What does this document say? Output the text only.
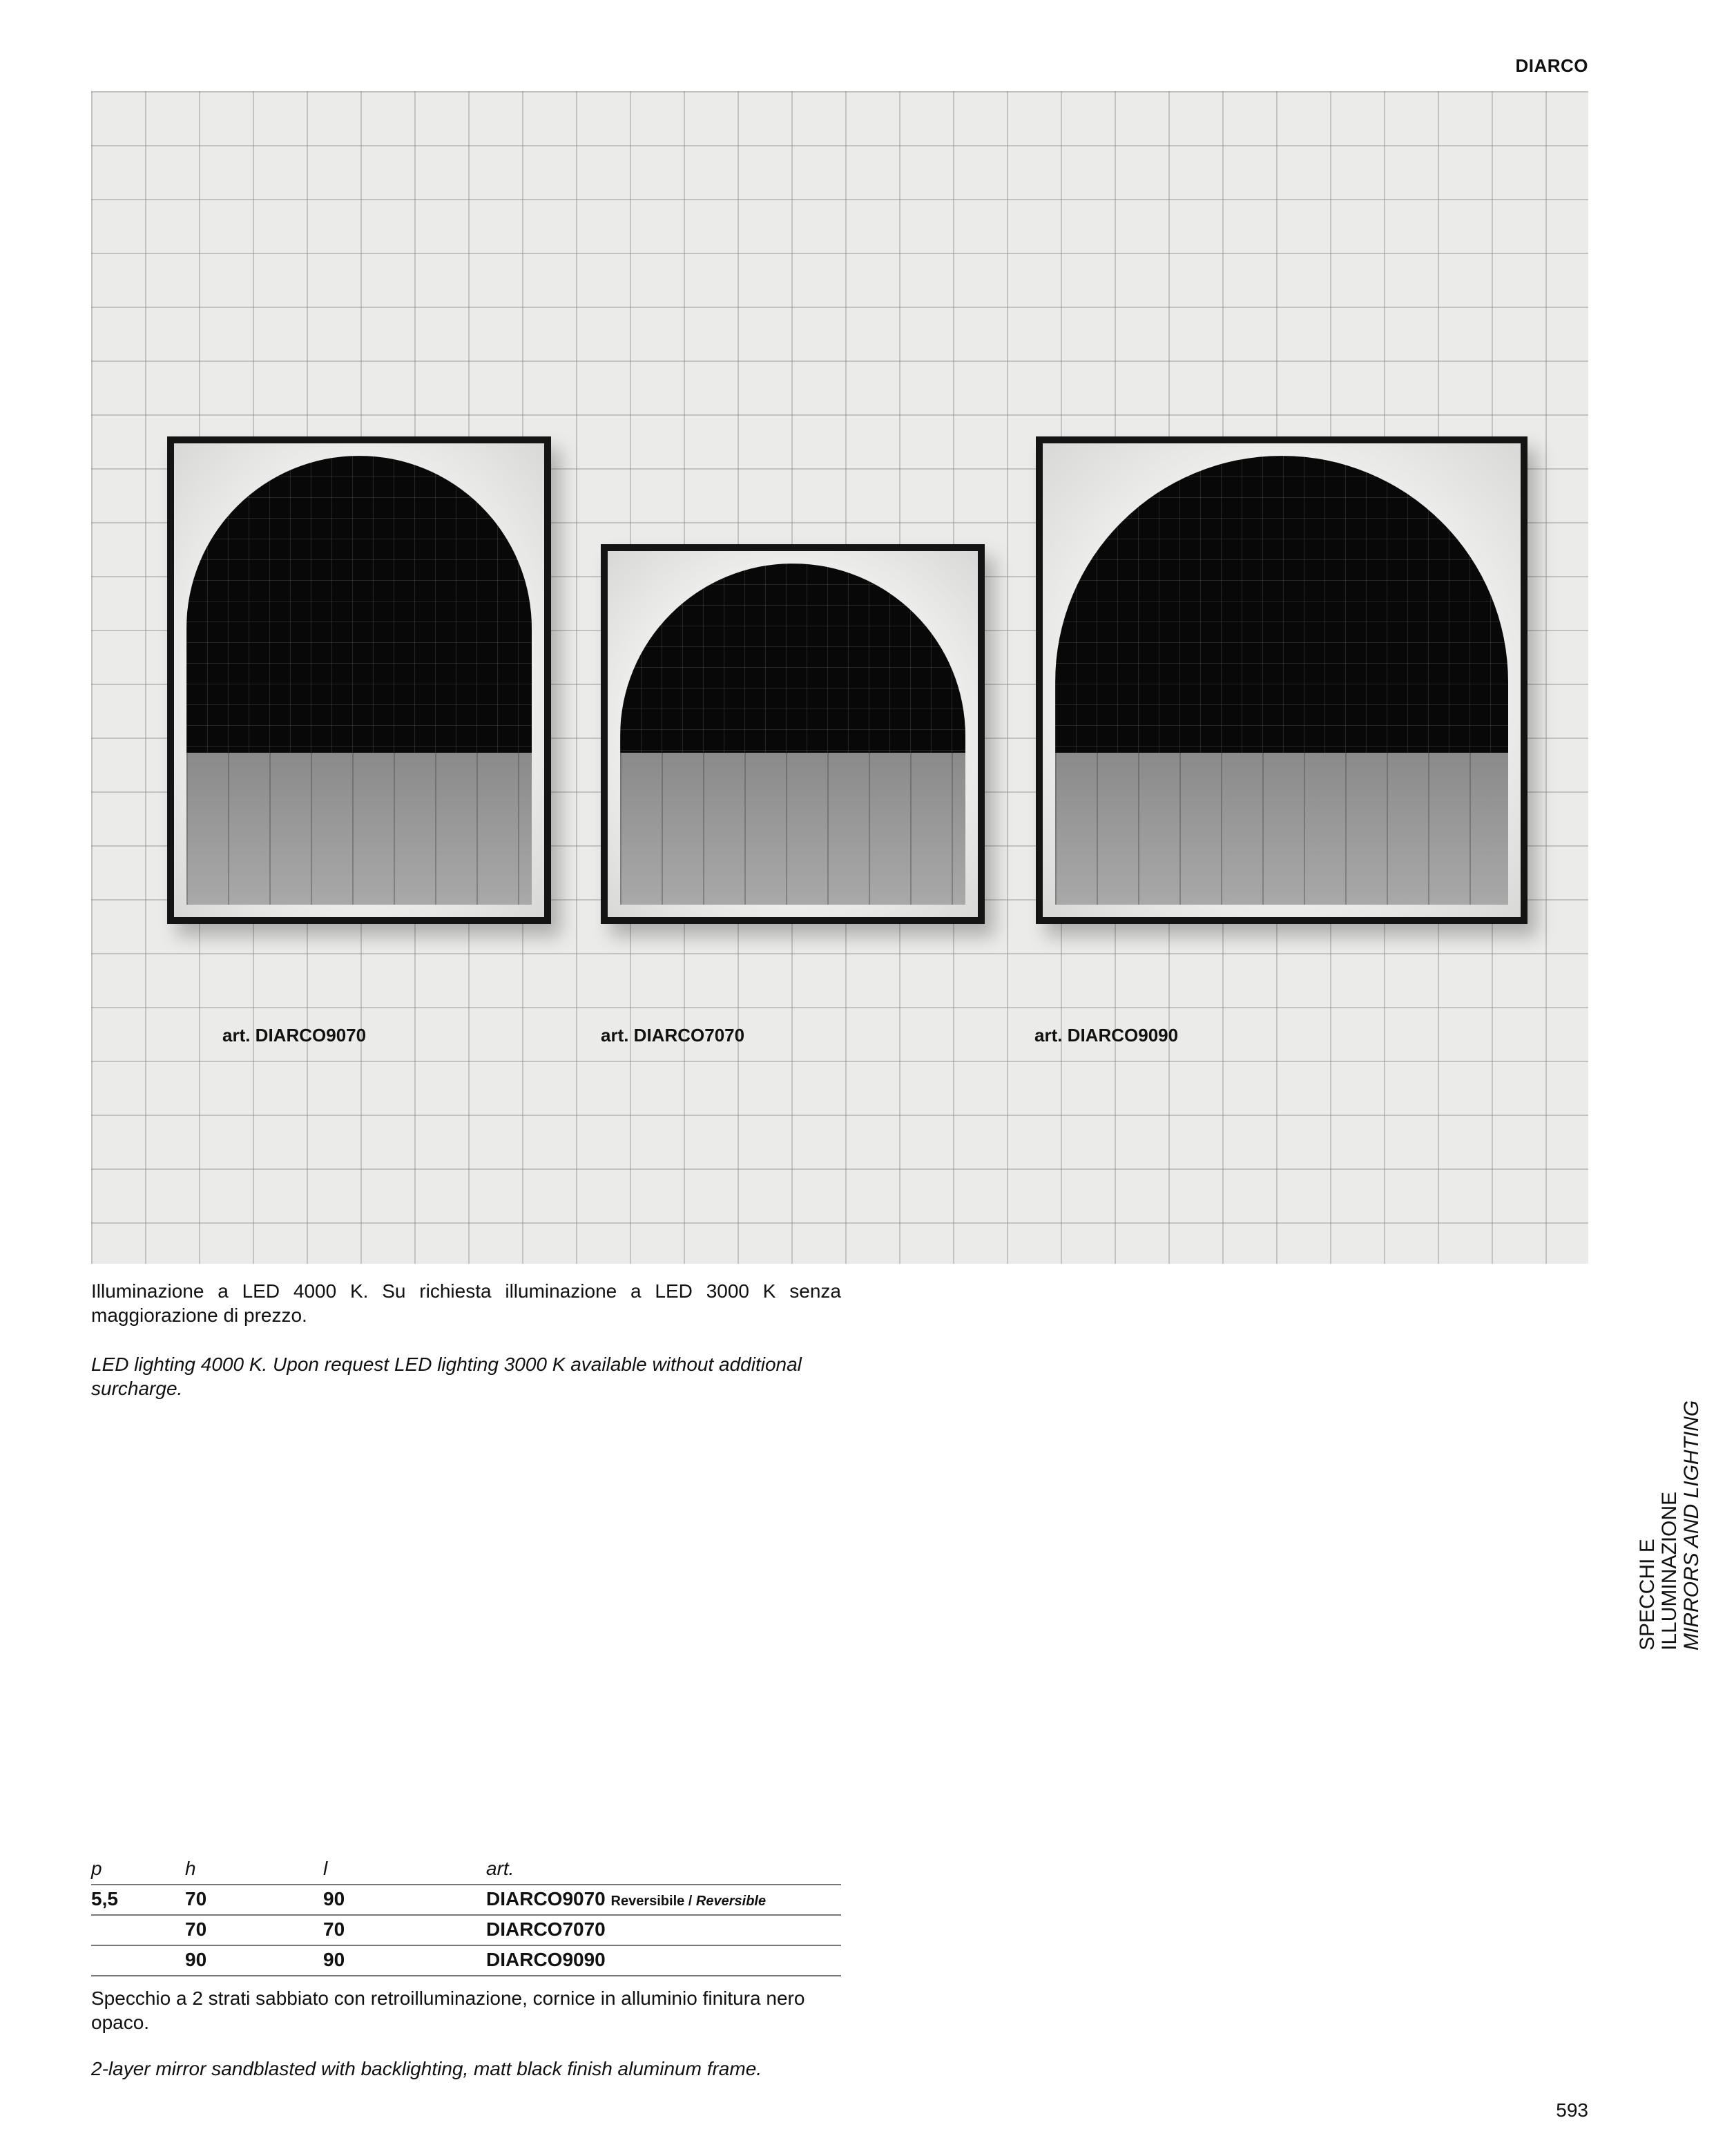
DIARCO
art. DIARCO9070	art. DIARCO7070	art. DIARCO9090
Illuminazione a LED 4000 K. Su richiesta illuminazione a LED 3000 K senza maggiorazione di prezzo.
LED lighting 4000 K. Upon request LED lighting 3000 K available without additional surcharge.
SPECCHI E ILLUMINAZIONE MIRRORS AND LIGHTING
p	h	l	art.
5,5	70	90	DIARCO9070 Reversibile / Reversible
	70	70	DIARCO7070
	90	90	DIARCO9090
Specchio a 2 strati sabbiato con retroilluminazione, cornice in alluminio finitura nero opaco.
2-layer mirror sandblasted with backlighting, matt black finish aluminum frame.
593
